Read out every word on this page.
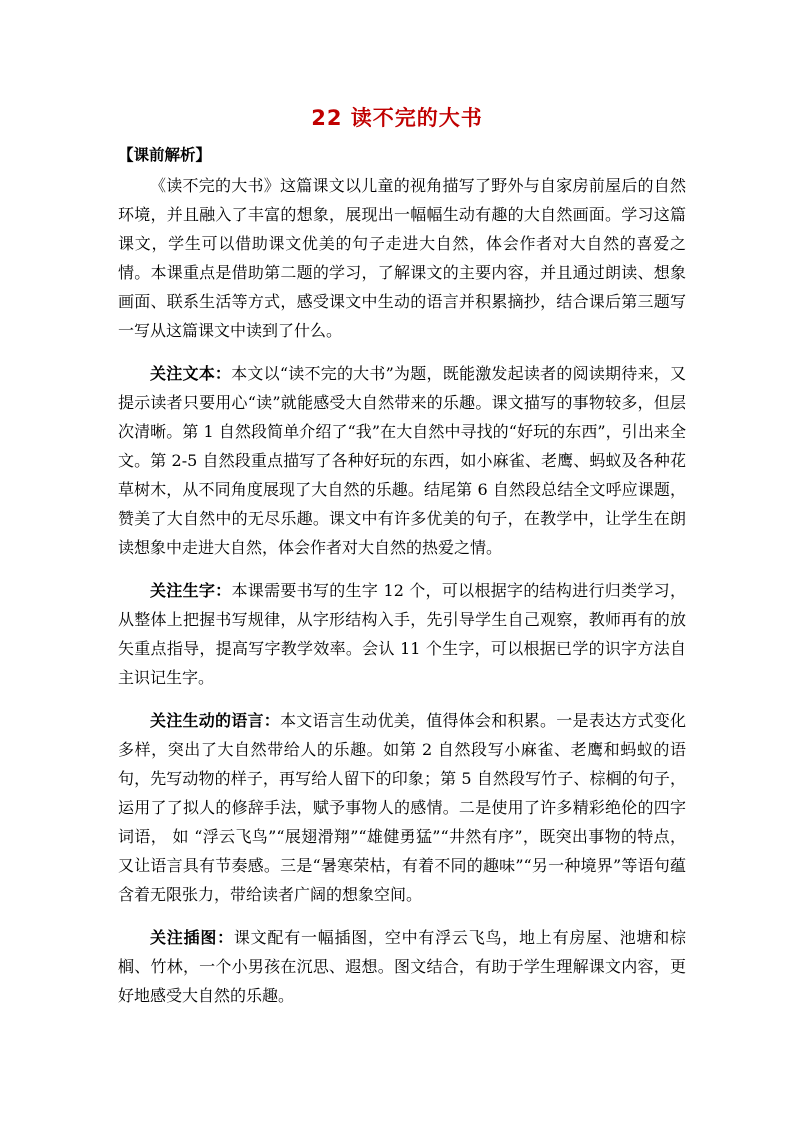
22 读不完的大书
【课前解析】

《读不完的大书》这篇课文以儿童的视角描写了野外与自家房前屋后的自然环境，并且融入了丰富的想象，展现出一幅幅生动有趣的大自然画面。学习这篇课文，学生可以借助课文优美的句子走进大自然，体会作者对大自然的喜爱之情。本课重点是借助第二题的学习，了解课文的主要内容，并且通过朗读、想象画面、联系生活等方式，感受课文中生动的语言并积累摘抄，结合课后第三题写一写从这篇课文中读到了什么。

关注文本：本文以“读不完的大书”为题，既能激发起读者的阅读期待来，又提示读者只要用心“读”就能感受大自然带来的乐趣。课文描写的事物较多，但层次清晰。第 1 自然段简单介绍了“我”在大自然中寻找的“好玩的东西”，引出来全文。第 2-5 自然段重点描写了各种好玩的东西，如小麻雀、老鹰、蚂蚁及各种花草树木，从不同角度展现了大自然的乐趣。结尾第 6 自然段总结全文呼应课题，赞美了大自然中的无尽乐趣。课文中有许多优美的句子，在教学中，让学生在朗读想象中走进大自然，体会作者对大自然的热爱之情。

关注生字：本课需要书写的生字 12 个，可以根据字的结构进行归类学习，从整体上把握书写规律，从字形结构入手，先引导学生自己观察，教师再有的放矢重点指导，提高写字教学效率。会认 11 个生字，可以根据已学的识字方法自主识记生字。

关注生动的语言：本文语言生动优美，值得体会和积累。一是表达方式变化多样，突出了大自然带给人的乐趣。如第 2 自然段写小麻雀、老鹰和蚂蚁的语句，先写动物的样子，再写给人留下的印象；第 5 自然段写竹子、棕榈的句子，运用了了拟人的修辞手法，赋予事物人的感情。二是使用了许多精彩绝伦的四字词语， 如 “浮云飞鸟”“展翅滑翔”“雄健勇猛”“井然有序”，既突出事物的特点，又让语言具有节奏感。三是“暑寒荣枯，有着不同的趣味”“另一种境界”等语句蕴含着无限张力，带给读者广阔的想象空间。

关注插图：课文配有一幅插图，空中有浮云飞鸟，地上有房屋、池塘和棕榈、竹林，一个小男孩在沉思、遐想。图文结合，有助于学生理解课文内容，更好地感受大自然的乐趣。
